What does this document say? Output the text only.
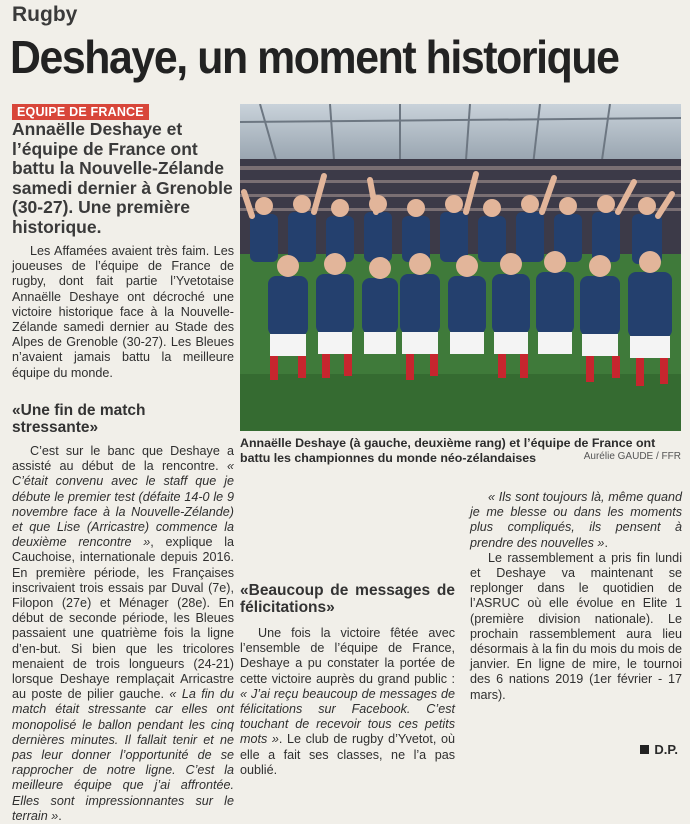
Rugby
Deshaye, un moment historique
EQUIPE DE FRANCE
Annaëlle Deshaye et l’équipe de France ont battu la Nouvelle-Zélande samedi dernier à Grenoble (30-27). Une première historique.
Les Affamées avaient très faim. Les joueuses de l’équipe de France de rugby, dont fait partie l’Yvetotaise Annaëlle Deshaye ont décroché une victoire historique face à la Nouvelle-Zélande samedi dernier au Stade des Alpes de Grenoble (30-27). Les Bleues n’avaient jamais battu la meilleure équipe du monde.
«Une fin de match stressante»

C’est sur le banc que Deshaye a assisté au début de la rencontre. « C’était convenu avec le staff que je débute le premier test (défaite 14-0 le 9 novembre face à la Nouvelle-Zélande) et que Lise (Arricastre) commence la deuxième rencontre », explique la Cauchoise, internationale depuis 2016. En première période, les Françaises inscrivaient trois essais par Duval (7e), Filopon (27e) et Ménager (28e). En début de seconde période, les Bleues passaient une quatrième fois la ligne d’en-but. Si bien que les tricolores menaient de trois longueurs (24-21) lorsque Deshaye remplaçait Arricastre au poste de pilier gauche. « La fin du match était stressante car elles ont monopolisé le ballon pendant les cinq dernières minutes. Il fallait tenir et ne pas leur donner l’opportunité de se rapprocher de notre ligne. C’est la meilleure équipe que j’ai affrontée. Elles sont impressionnantes sur le terrain ».

Annaëlle Deshaye (à gauche, deuxième rang) et l’équipe de France ont battu les championnes du monde néo-zélandaises	Aurélie GAUDE / FFR
«Beaucoup de messages de félicitations»

Une fois la victoire fêtée avec l’ensemble de l’équipe de France, Deshaye a pu constater la portée de cette victoire auprès du grand public : « J’ai reçu beaucoup de messages de félicitations sur Facebook. C’est touchant de recevoir tous ces petits mots ». Le club de rugby d’Yvetot, où elle a fait ses classes, ne l’a pas oublié.

« Ils sont toujours là, même quand je me blesse ou dans les moments plus compliqués, ils pensent à prendre des nouvelles ».

Le rassemblement a pris fin lundi et Deshaye va maintenant se replonger dans le quotidien de l’ASRUC où elle évolue en Elite 1 (première division nationale). Le prochain rassemblement aura lieu désormais à la fin du mois du mois de janvier. En ligne de mire, le tournoi des 6 nations 2019 (1er février - 17 mars).

D.P.
